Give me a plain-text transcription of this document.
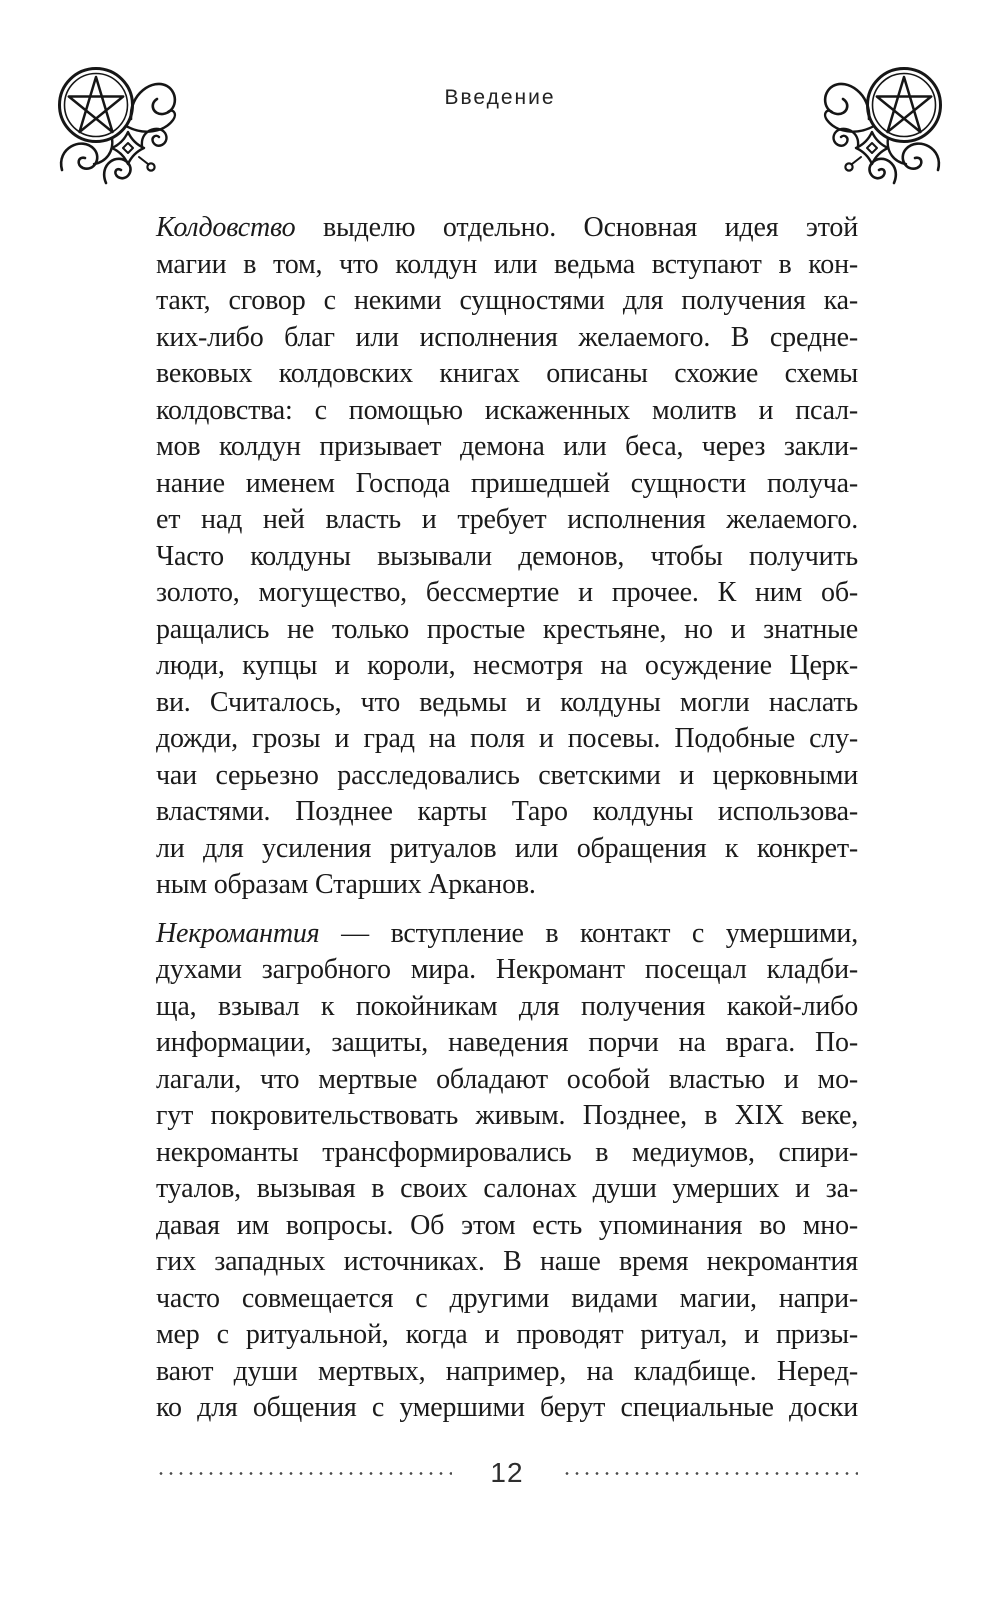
Введение
Колдовство выделю отдельно. Основная идея этой
магии в том, что колдун или ведьма вступают в кон-
такт, сговор с некими сущностями для получения ка-
ких-либо благ или исполнения желаемого. В средне-
вековых колдовских книгах описаны схожие схемы
колдовства: с помощью искаженных молитв и псал-
мов колдун призывает демона или беса, через закли-
нание именем Господа пришедшей сущности получа-
ет над ней власть и требует исполнения желаемого.
Часто колдуны вызывали демонов, чтобы получить
золото, могущество, бессмертие и прочее. К ним об-
ращались не только простые крестьяне, но и знатные
люди, купцы и короли, несмотря на осуждение Церк-
ви. Считалось, что ведьмы и колдуны могли наслать
дожди, грозы и град на поля и посевы. Подобные слу-
чаи серьезно расследовались светскими и церковными
властями. Позднее карты Таро колдуны использова-
ли для усиления ритуалов или обращения к конкрет-
ным образам Старших Арканов.
Некромантия — вступление в контакт с умершими,
духами загробного мира. Некромант посещал кладби-
ща, взывал к покойникам для получения какой-либо
информации, защиты, наведения порчи на врага. По-
лагали, что мертвые обладают особой властью и мо-
гут покровительствовать живым. Позднее, в XIX веке,
некроманты трансформировались в медиумов, спири-
туалов, вызывая в своих салонах души умерших и за-
давая им вопросы. Об этом есть упоминания во мно-
гих западных источниках. В наше время некромантия
часто совмещается с другими видами магии, напри-
мер с ритуальной, когда и проводят ритуал, и призы-
вают души мертвых, например, на кладбище. Неред-
ко для общения с умершими берут специальные доски
12
